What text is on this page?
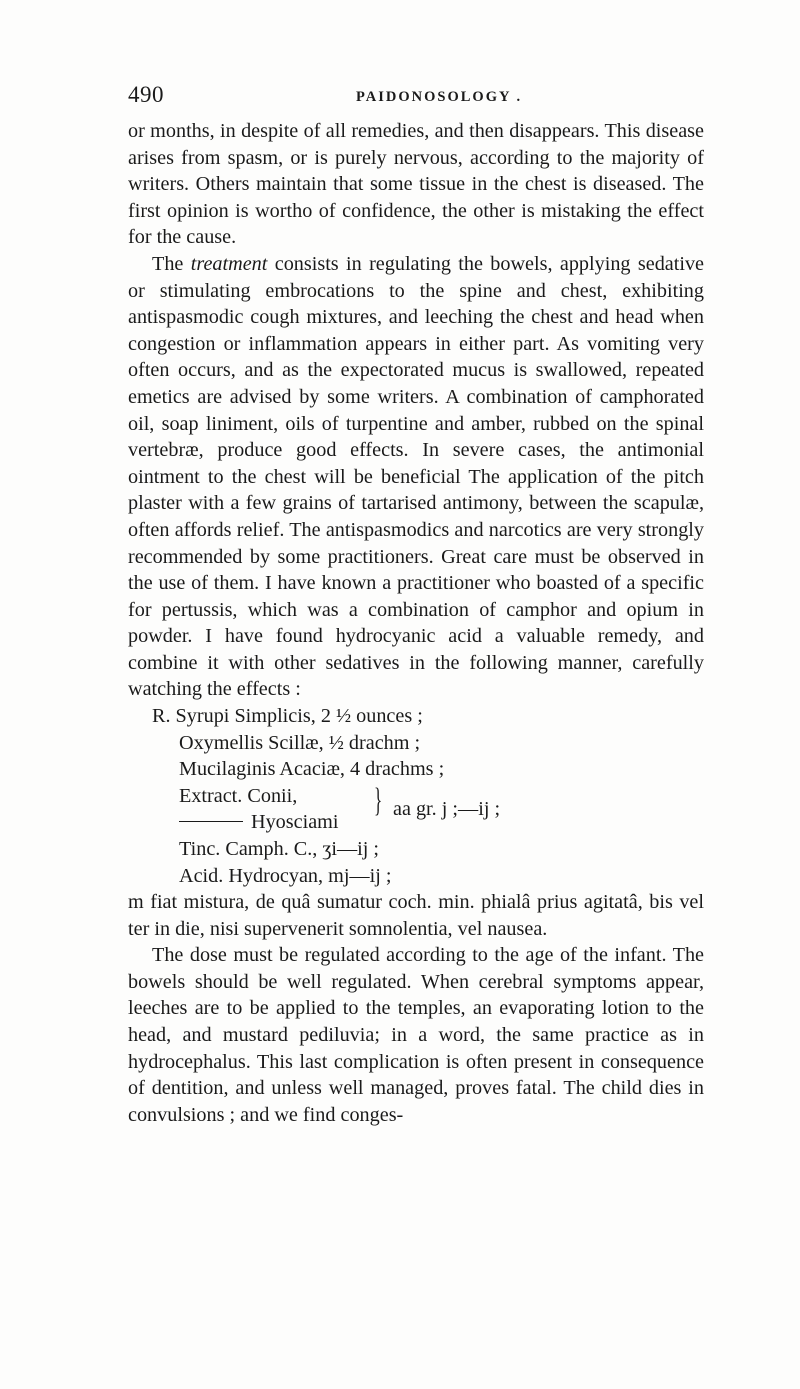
490	PAIDONOSOLOGY .

or months, in despite of all remedies, and then disappears. This disease arises from spasm, or is purely nervous, according to the majority of writers. Others maintain that some tissue in the chest is diseased. The first opinion is wortho of confidence, the other is mistaking the effect for the cause.

The treatment consists in regulating the bowels, applying sedative or stimulating embrocations to the spine and chest, exhibiting antispasmodic cough mixtures, and leeching the chest and head when congestion or inflammation appears in either part. As vomiting very often occurs, and as the expectorated mucus is swallowed, repeated emetics are advised by some writers. A combination of camphorated oil, soap liniment, oils of turpentine and amber, rubbed on the spinal vertebræ, produce good effects. In severe cases, the antimonial ointment to the chest will be beneficial The application of the pitch plaster with a few grains of tartarised antimony, between the scapulæ, often affords relief. The antispasmodics and narcotics are very strongly recommended by some practitioners. Great care must be observed in the use of them. I have known a practitioner who boasted of a specific for pertussis, which was a combination of camphor and opium in powder. I have found hydrocyanic acid a valuable remedy, and combine it with other sedatives in the following manner, carefully watching the effects :

R. Syrupi Simplicis, 2 ½ ounces ;
Oxymellis Scillæ, ½ drachm ;
Mucilaginis Acaciæ, 4 drachms ;
Extract. Conii,
Hyosciami
} aa gr. j ;—ij ;
Tinc. Camph. C., ʒi—ij ;
Acid. Hydrocyan, mj—ij ;

m fiat mistura, de quâ sumatur coch. min. phialâ prius agitatâ, bis vel ter in die, nisi supervenerit somnolentia, vel nausea.

The dose must be regulated according to the age of the infant. The bowels should be well regulated. When cerebral symptoms appear, leeches are to be applied to the temples, an evaporating lotion to the head, and mustard pediluvia; in a word, the same practice as in hydrocephalus. This last complication is often present in consequence of dentition, and unless well managed, proves fatal. The child dies in convulsions ; and we find conges-
